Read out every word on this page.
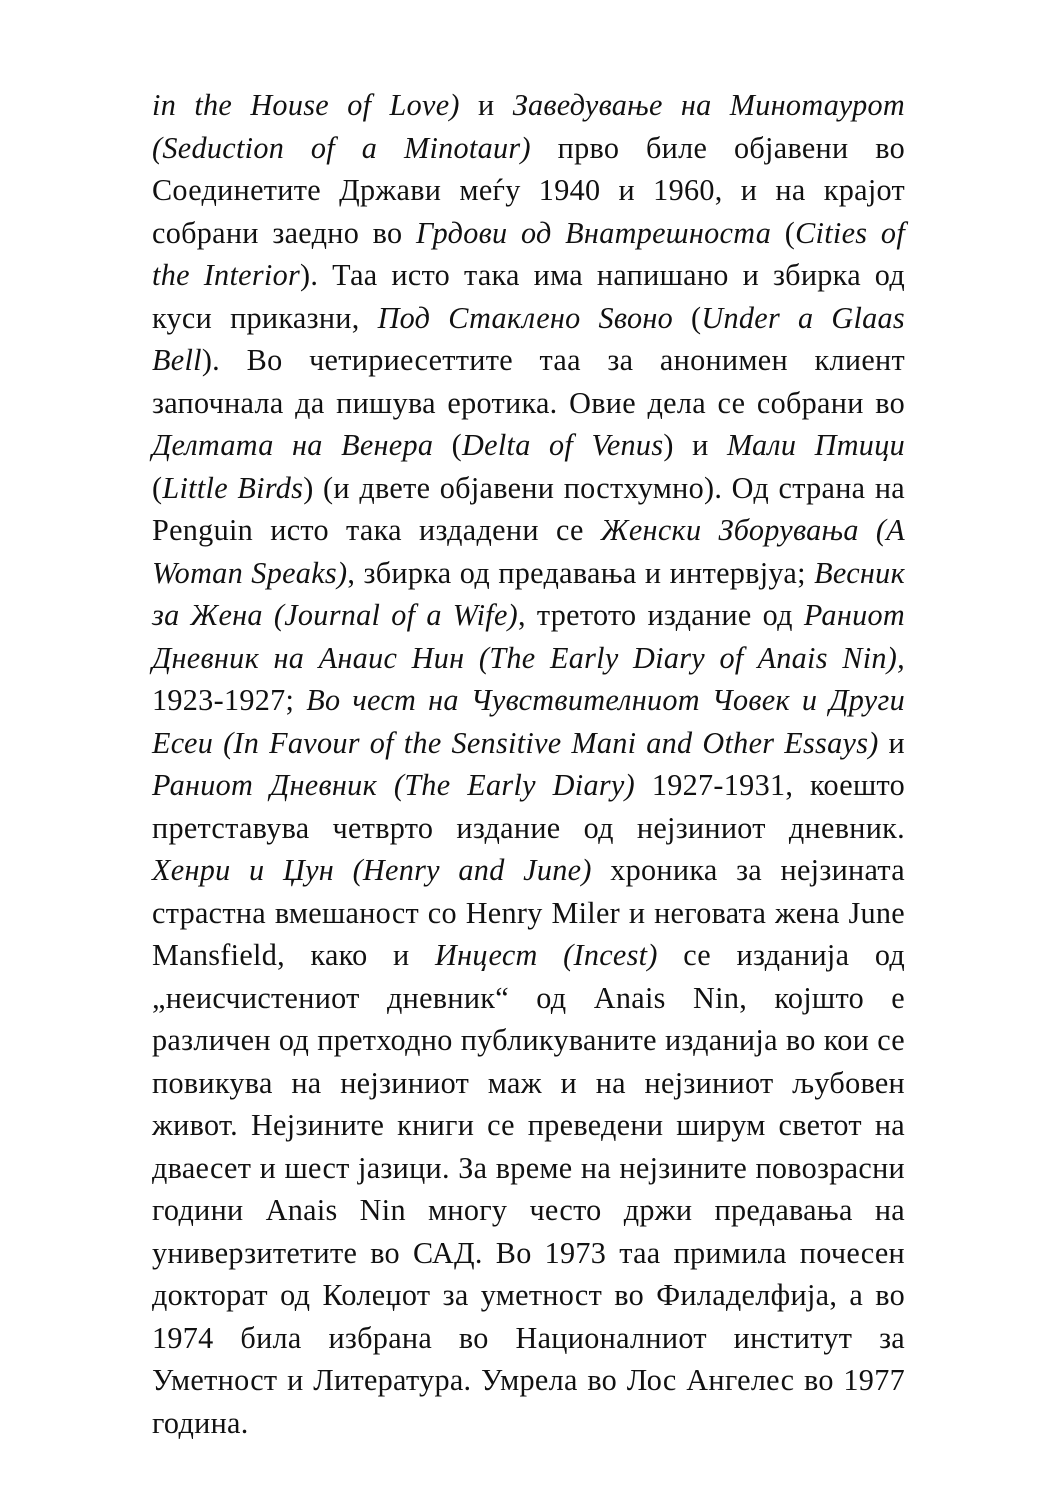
in the House of Love) и Заведување на Минотаурот (Seduction of a Minotaur) прво биле објавени во Соединетите Држави меѓу 1940 и 1960, и на крајот собрани заедно во Грдови од Внатрешноста (Cities of the Interior). Таа исто така има напишано и збирка од куси приказни, Под Стаклено Ѕвоно (Under a Glaas Bell). Во четириесеттите таа за анонимен клиент започнала да пишува еротика. Овие дела се собрани во Делтата на Венера (Delta of Venus) и Мали Птици (Little Birds) (и двете објавени постхумно). Од страна на Penguin исто така издадени се Женски Зборувања (A Woman Speaks), збирка од предавања и интервјуа; Весник за Жена (Journal of a Wife), третото издание од Раниот Дневник на Анаис Нин (The Early Diary of Anais Nin), 1923-1927; Во чест на Чувствителниот Човек и Други Есеи (In Favour of the Sensitive Mani and Other Essays) и Раниот Дневник (The Early Diary) 1927-1931, коешто претставува четврто издание од нејзиниот дневник. Хенри и Џун (Henry and June) хроника за нејзината страстна вмешаност со Henry Miler и неговата жена June Mansfield, како и Инцест (Incest) се изданија од „неисчистениот дневник“ од Anais Nin, којшто е различен од претходно публикуваните изданија во кои се повикува на нејзиниот маж и на нејзиниот љубовен живот. Нејзините книги се преведени ширум светот на дваесет и шест јазици. За време на нејзините повозрасни години Anais Nin многу често држи предавања на универзитетите во САД. Во 1973 таа примила почесен докторат од Колеџот за уметност во Филаделфија, а во 1974 била избрана во Националниот институт за Уметност и Литература. Умрела во Лос Ангелес во 1977 година.
